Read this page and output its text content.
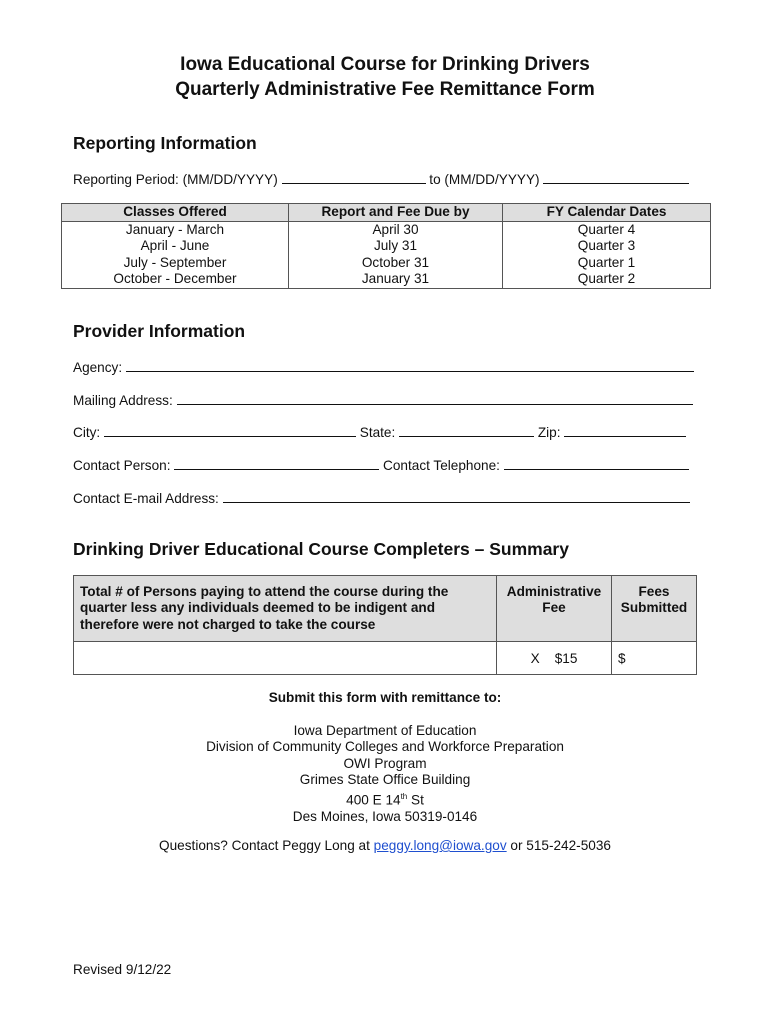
Iowa Educational Course for Drinking Drivers
Quarterly Administrative Fee Remittance Form
Reporting Information
Reporting Period: (MM/DD/YYYY)	to (MM/DD/YYYY)
Classes Offered	Report and Fee Due by	FY Calendar Dates
January - March	April 30	Quarter 4
April - June	July 31	Quarter 3
July - September	October 31	Quarter 1
October - December	January 31	Quarter 2
Provider Information
Agency:
Mailing Address:
City:	State:	Zip:
Contact Person:	Contact Telephone:
Contact E-mail Address:
Drinking Driver Educational Course Completers – Summary
Total # of Persons paying to attend the course during the quarter less any individuals deemed to be indigent and therefore were not charged to take the course	Administrative Fee	Fees Submitted
	X $15	$
Submit this form with remittance to:
Iowa Department of Education
Division of Community Colleges and Workforce Preparation
OWI Program
Grimes State Office Building
400 E 14th St
Des Moines, Iowa 50319-0146
Questions? Contact Peggy Long at peggy.long@iowa.gov or 515-242-5036
Revised 9/12/22
